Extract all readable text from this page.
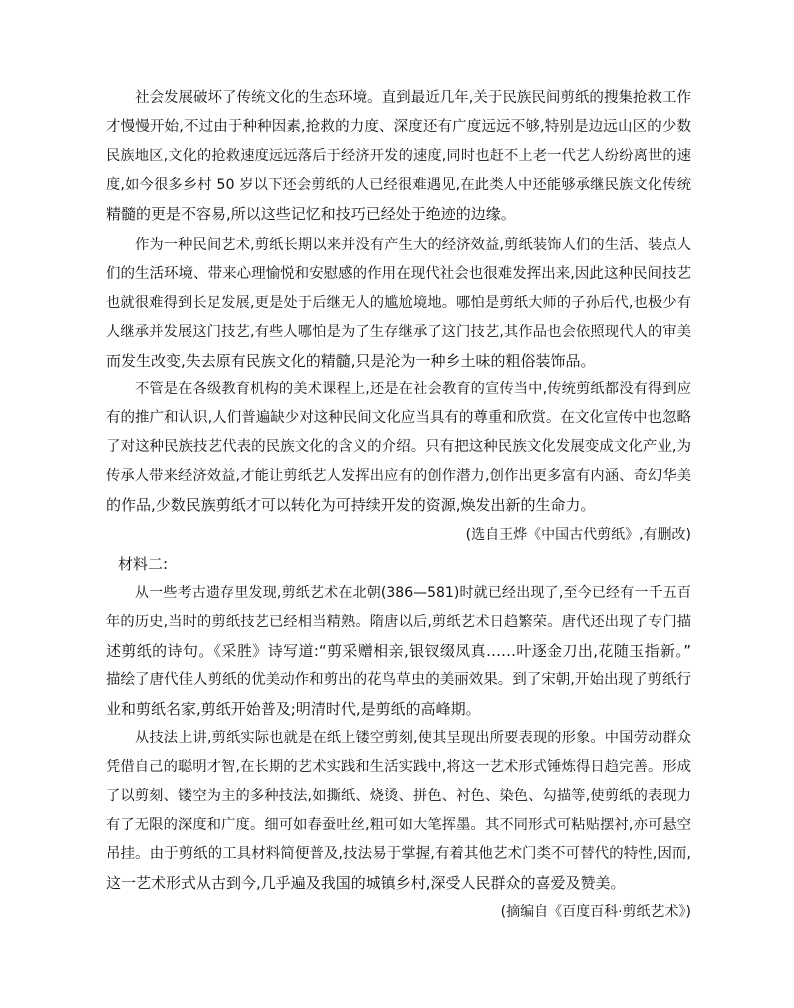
社会发展破坏了传统文化的生态环境。直到最近几年,关于民族民间剪纸的搜集抢救工作
才慢慢开始,不过由于种种因素,抢救的力度、深度还有广度远远不够,特别是边远山区的少数
民族地区,文化的抢救速度远远落后于经济开发的速度,同时也赶不上老一代艺人纷纷离世的速
度,如今很多乡村 50 岁以下还会剪纸的人已经很难遇见,在此类人中还能够承继民族文化传统
精髓的更是不容易,所以这些记忆和技巧已经处于绝迹的边缘。
作为一种民间艺术,剪纸长期以来并没有产生大的经济效益,剪纸装饰人们的生活、装点人
们的生活环境、带来心理愉悦和安慰感的作用在现代社会也很难发挥出来,因此这种民间技艺
也就很难得到长足发展,更是处于后继无人的尴尬境地。哪怕是剪纸大师的子孙后代,也极少有
人继承并发展这门技艺,有些人哪怕是为了生存继承了这门技艺,其作品也会依照现代人的审美
而发生改变,失去原有民族文化的精髓,只是沦为一种乡土味的粗俗装饰品。
不管是在各级教育机构的美术课程上,还是在社会教育的宣传当中,传统剪纸都没有得到应
有的推广和认识,人们普遍缺少对这种民间文化应当具有的尊重和欣赏。在文化宣传中也忽略
了对这种民族技艺代表的民族文化的含义的介绍。只有把这种民族文化发展变成文化产业,为
传承人带来经济效益,才能让剪纸艺人发挥出应有的创作潜力,创作出更多富有内涵、奇幻华美
的作品,少数民族剪纸才可以转化为可持续开发的资源,焕发出新的生命力。
(选自王烨《中国古代剪纸》,有删改)
材料二:
从一些考古遗存里发现,剪纸艺术在北朝(386—581)时就已经出现了,至今已经有一千五百
年的历史,当时的剪纸技艺已经相当精熟。隋唐以后,剪纸艺术日趋繁荣。唐代还出现了专门描
述剪纸的诗句。《采胜》诗写道:“剪采赠相亲,银钗缀凤真……叶逐金刀出,花随玉指新。”
描绘了唐代佳人剪纸的优美动作和剪出的花鸟草虫的美丽效果。到了宋朝,开始出现了剪纸行
业和剪纸名家,剪纸开始普及;明清时代,是剪纸的高峰期。
从技法上讲,剪纸实际也就是在纸上镂空剪刻,使其呈现出所要表现的形象。中国劳动群众
凭借自己的聪明才智,在长期的艺术实践和生活实践中,将这一艺术形式锤炼得日趋完善。形成
了以剪刻、镂空为主的多种技法,如撕纸、烧烫、拼色、衬色、染色、勾描等,使剪纸的表现力
有了无限的深度和广度。细可如春蚕吐丝,粗可如大笔挥墨。其不同形式可粘贴摆衬,亦可悬空
吊挂。由于剪纸的工具材料简便普及,技法易于掌握,有着其他艺术门类不可替代的特性,因而,
这一艺术形式从古到今,几乎遍及我国的城镇乡村,深受人民群众的喜爱及赞美。
(摘编自《百度百科·剪纸艺术》)
